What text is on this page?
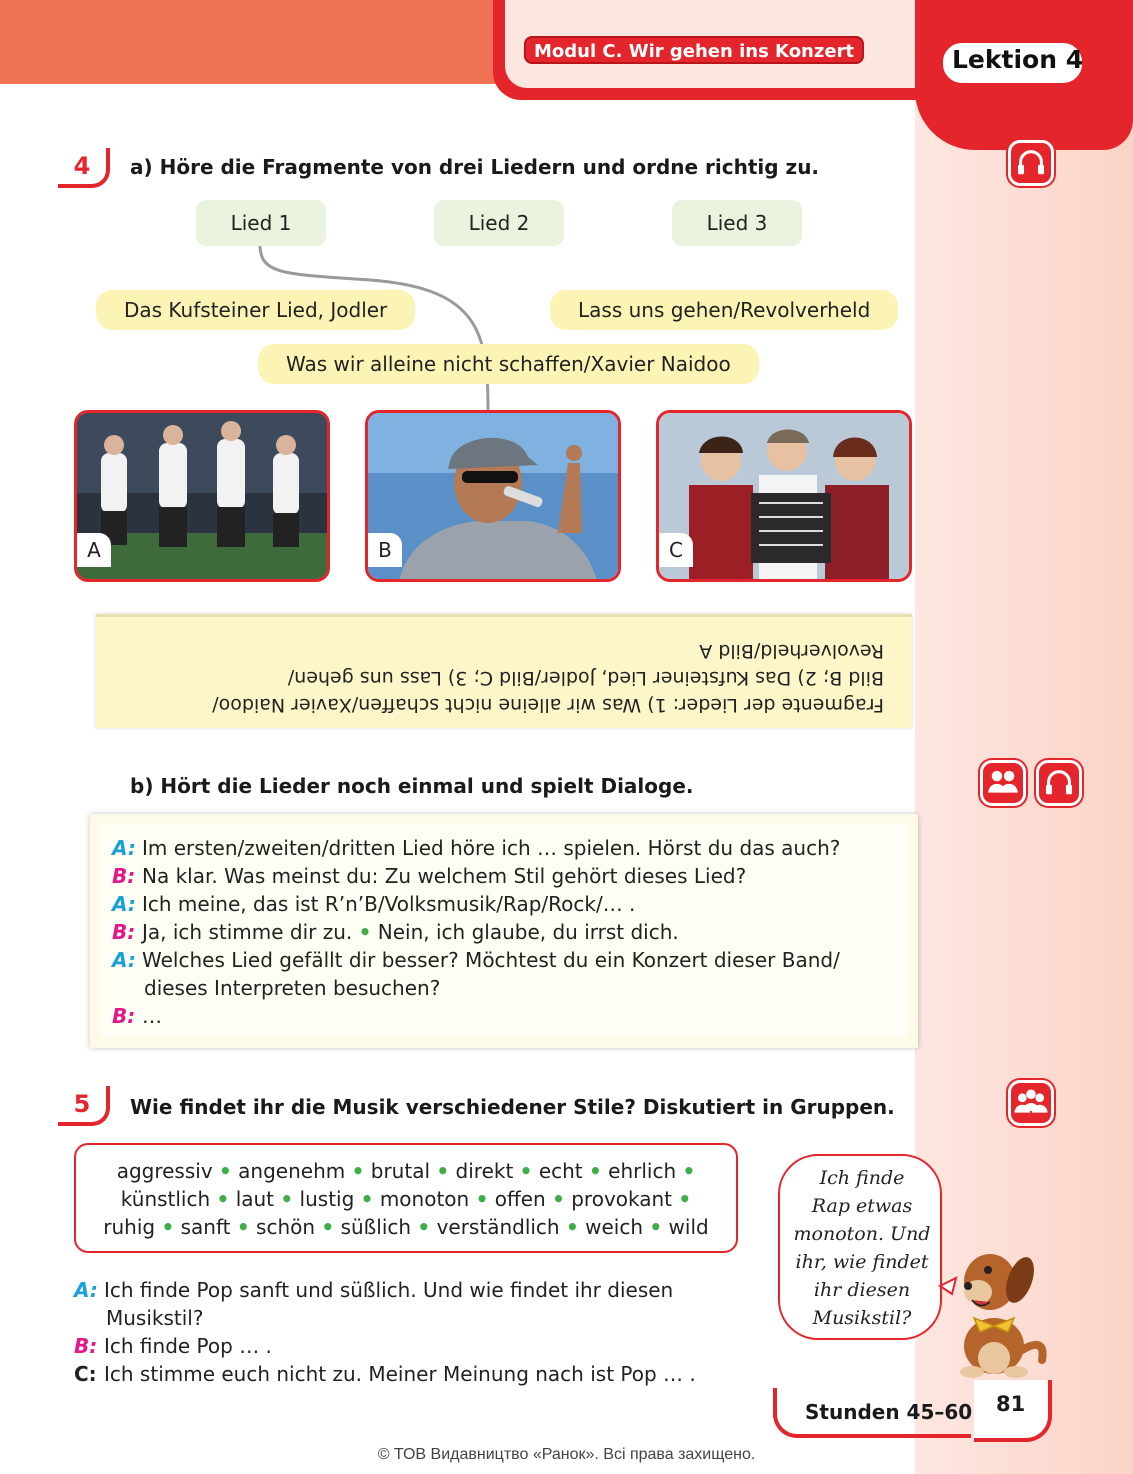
Modul C. Wir gehen ins Konzert	Lektion 4
4	a) Höre die Fragmente von drei Liedern und ordne richtig zu.
Lied 1	Lied 2	Lied 3
Das Kufsteiner Lied, Jodler	Lass uns gehen/Revolverheld
Was wir alleine nicht schaffen/Xavier Naidoo
A	B	C
Fragmente der Lieder: 1) Was wir alleine nicht schaffen/Xavier Naidoo/
Bild B; 2) Das Kufsteiner Lied, Jodler/Bild C; 3) Lass uns gehen/
Revolverheld/Bild A
b) Hört die Lieder noch einmal und spielt Dialoge.
A: Im ersten/zweiten/dritten Lied höre ich … spielen. Hörst du das auch?
B: Na klar. Was meinst du: Zu welchem Stil gehört dieses Lied?
A: Ich meine, das ist R’n’B/Volksmusik/Rap/Rock/… .
B: Ja, ich stimme dir zu. • Nein, ich glaube, du irrst dich.
A: Welches Lied gefällt dir besser? Möchtest du ein Konzert dieser Band/
dieses Interpreten besuchen?
B: …
5	Wie findet ihr die Musik verschiedener Stile? Diskutiert in Gruppen.
aggressiv • angenehm • brutal • direkt • echt • ehrlich •
künstlich • laut • lustig • monoton • offen • provokant •
ruhig • sanft • schön • süßlich • verständlich • weich • wild
Ich finde
Rap etwas
monoton. Und
ihr, wie findet
ihr diesen
Musikstil?
A: Ich finde Pop sanft und süßlich. Und wie findet ihr diesen
Musikstil?
B: Ich finde Pop … .
C: Ich stimme euch nicht zu. Meiner Meinung nach ist Pop … .
Stunden 45–60 81
© ТОВ Видавництво «Ранок». Всі права захищено.
